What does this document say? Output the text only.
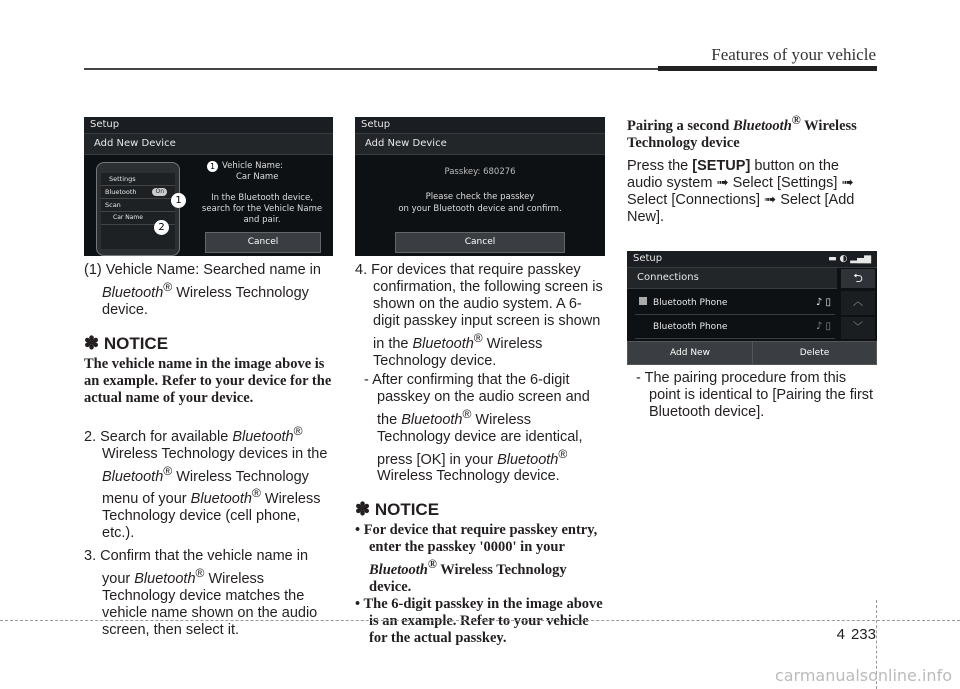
Features of your vehicle
Setup
Add New Device
Settings
Bluetooth	On
Scan
Car Name
1
2
1 Vehicle Name:
Car Name
In the Bluetooth device,
search for the Vehicle Name
and pair.
Cancel

(1) Vehicle Name: Searched name in Bluetooth® Wireless Technology device.

✽ NOTICE

The vehicle name in the image above is an example. Refer to your device for the actual name of your device.

2. Search for available Bluetooth® Wireless Technology devices in the Bluetooth® Wireless Technology menu of your Bluetooth® Wireless Technology device (cell phone, etc.).

3. Confirm that the vehicle name in your Bluetooth® Wireless Technology device matches the vehicle name shown on the audio screen, then select it.

Setup
Add New Device
Passkey: 680276
Please check the passkey
on your Bluetooth device and confirm.
Cancel

4. For devices that require passkey confirmation, the following screen is shown on the audio system. A 6-digit passkey input screen is shown in the Bluetooth® Wireless Technology device.

- After confirming that the 6-digit passkey on the audio screen and the Bluetooth® Wireless Technology device are identical, press [OK] in your Bluetooth® Wireless Technology device.

✽ NOTICE

• For device that require passkey entry, enter the passkey '0000' in your Bluetooth® Wireless Technology device.

• The 6-digit passkey in the image above is an example. Refer to your vehicle for the actual passkey.

Pairing a second Bluetooth® Wireless Technology device

Press the [SETUP] button on the audio system ➟ Select [Settings] ➟ Select [Connections] ➟ Select [Add New].

Setup	▬ ◐ ▂▄▆
Connections	⮌
Bluetooth Phone	♪ ▯
Bluetooth Phone	♪ ▯
︿
﹀
Add New	Delete

- The pairing procedure from this point is identical to [Pairing the first Bluetooth device].

4 233
carmanualsonline.info
